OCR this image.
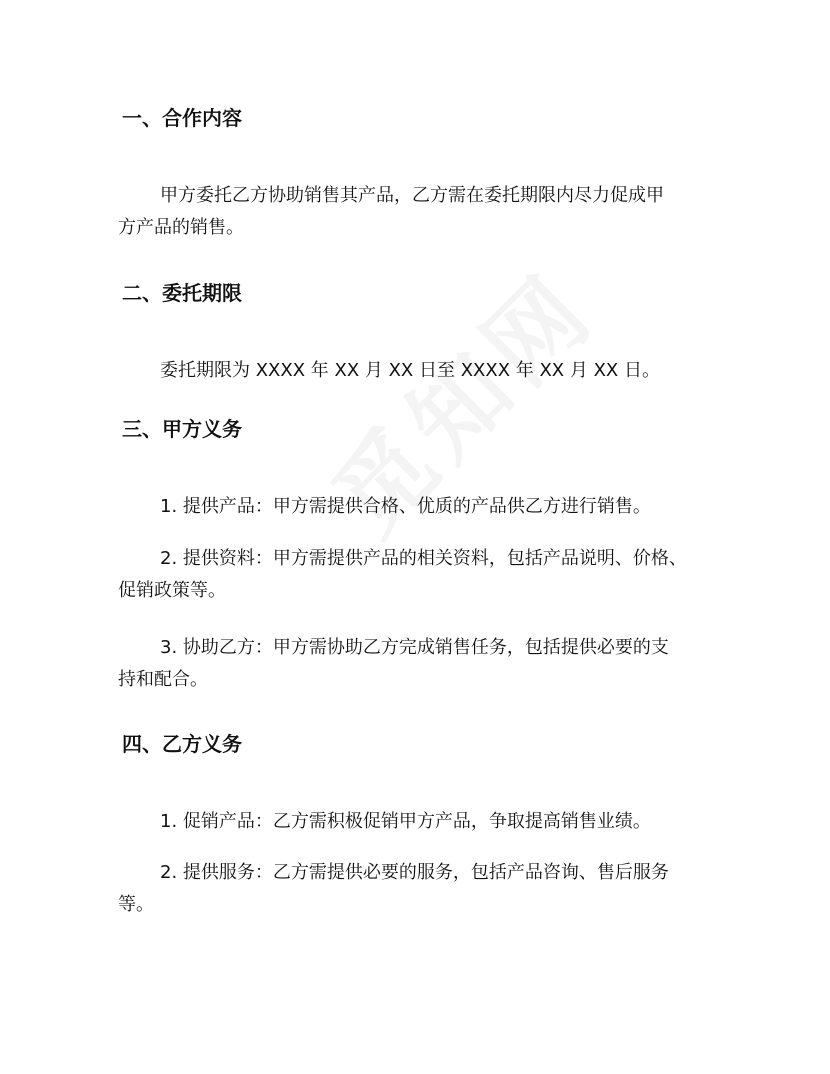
一、合作内容

甲方委托乙方协助销售其产品，乙方需在委托期限内尽力促成甲
方产品的销售。

二、委托期限

委托期限为 XXXX 年 XX 月 XX 日至 XXXX 年 XX 月 XX 日。

三、甲方义务

1. 提供产品：甲方需提供合格、优质的产品供乙方进行销售。

2. 提供资料：甲方需提供产品的相关资料，包括产品说明、价格、
促销政策等。

3. 协助乙方：甲方需协助乙方完成销售任务，包括提供必要的支
持和配合。

四、乙方义务

1. 促销产品：乙方需积极促销甲方产品，争取提高销售业绩。

2. 提供服务：乙方需提供必要的服务，包括产品咨询、售后服务
等。
